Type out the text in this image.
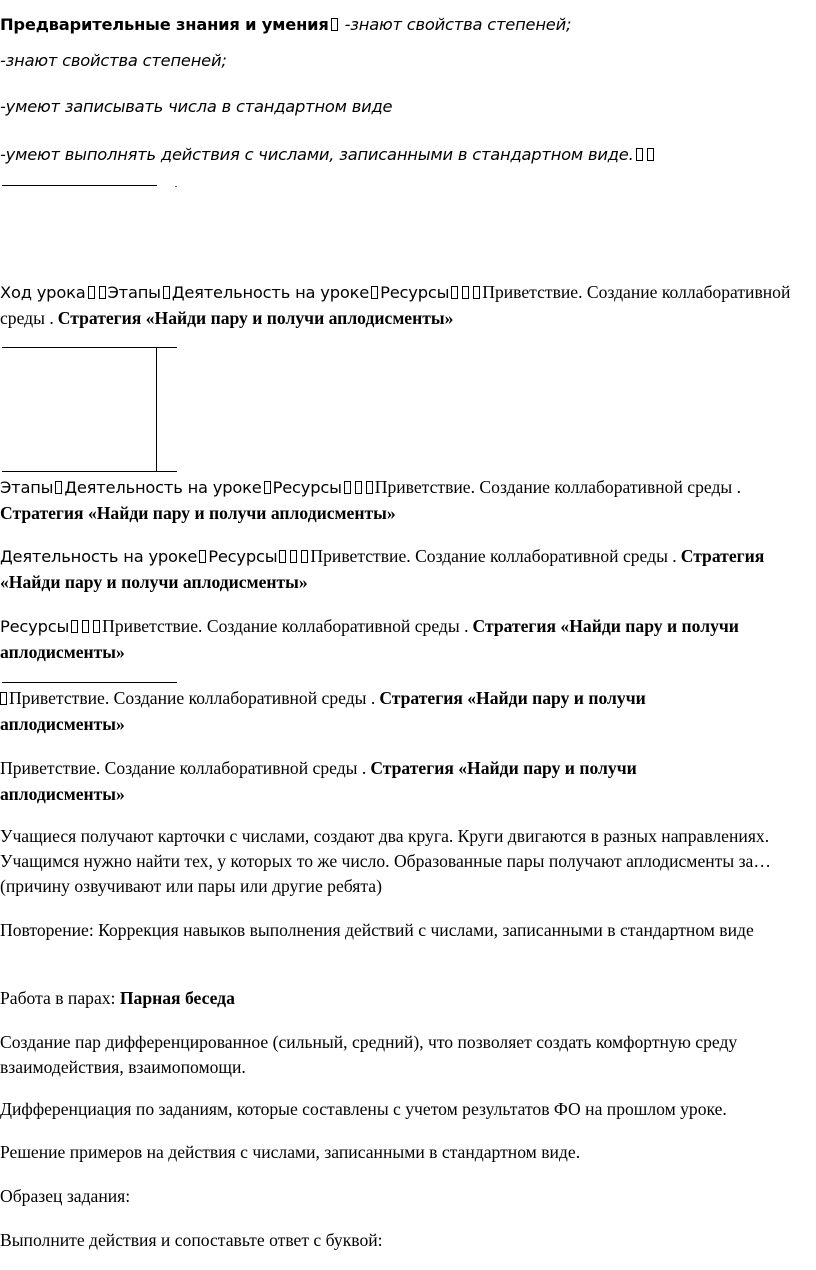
Предварительные знания и умения -знают свойства степеней;
-знают свойства степеней;
-умеют записывать числа в стандартном виде
-умеют выполнять действия с числами, записанными в стандартном виде.
Ход урока Этапы Деятельность на уроке Ресурсы Приветствие. Создание коллаборативной среды . Стратегия «Найди пару и получи аплодисменты»
Этапы Деятельность на уроке Ресурсы Приветствие. Создание коллаборативной среды .
Стратегия «Найди пару и получи аплодисменты»
Деятельность на уроке Ресурсы Приветствие. Создание коллаборативной среды . Стратегия «Найди пару и получи аплодисменты»
Ресурсы Приветствие. Создание коллаборативной среды . Стратегия «Найди пару и получи
аплодисменты»
Приветствие. Создание коллаборативной среды . Стратегия «Найди пару и получи
аплодисменты»
Приветствие. Создание коллаборативной среды . Стратегия «Найди пару и получи
аплодисменты»
Учащиеся получают карточки с числами, создают два круга. Круги двигаются в разных направлениях. Учащимся нужно найти тех, у которых то же число. Образованные пары получают аплодисменты за…(причину озвучивают или пары или другие ребята)
Повторение: Коррекция навыков выполнения действий с числами, записанными в стандартном виде
Работа в парах: Парная беседа
Создание пар дифференцированное (сильный, средний), что позволяет создать комфортную среду взаимодействия, взаимопомощи.
Дифференциация по заданиям, которые составлены с учетом результатов ФО на прошлом уроке.
Решение примеров на действия с числами, записанными в стандартном виде.
Образец задания:
Выполните действия и сопоставьте ответ с буквой:
